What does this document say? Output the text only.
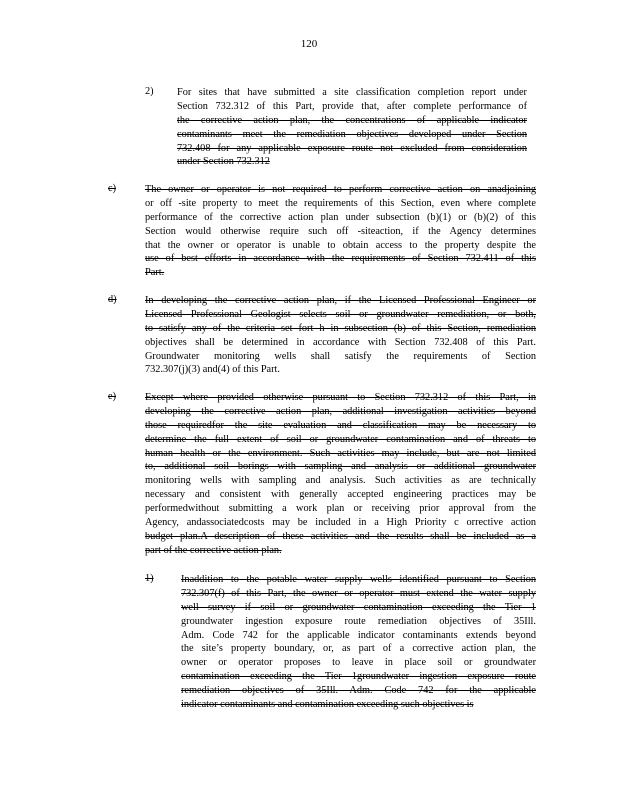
120
2) For sites that have submitted a site classification completion report under
Section 732.312 of this Part, provide that, after complete performance of
the corrective action plan, the concentrations of applicable indicator
contaminants meet the remediation objectives developed under Section
732.408 for any applicable exposure route not excluded from consideration
under Section 732.312
c)	The owner or operator is not required to perform corrective action on anadjoining
or off -site property to meet the requirements of this Section, even where complete
performance of the corrective action plan under subsection (b)(1) or (b)(2) of this
Section would otherwise require such off -siteaction, if the Agency determines
that the owner or operator is unable to obtain access to the property despite the
use of best efforts in accordance with the requirements of Section 732.411 of this
Part.
d)	In developing the corrective action plan, if the Licensed Professional Engineer or
Licensed Professional Geologist selects soil or groundwater remediation, or both,
to satisfy any of the criteria set fort h in subsection (b) of this Section, remediation
objectives shall be determined in accordance with Section 732.408 of this Part.
Groundwater monitoring wells shall satisfy the requirements of Section
732.307(j)(3) and(4) of this Part.
e)	Except where provided otherwise pursuant to Section 732.312 of this Part, in
developing the corrective action plan, additional investigation activities beyond
those requiredfor the site evaluation and classification may be necessary to
determine the full extent of soil or groundwater contamination and of threats to
human health or the environment. Such activities may include, but are not limited
to, additional soil borings with sampling and analysis or additional groundwater
monitoring wells with sampling and analysis. Such activities as are technically
necessary and consistent with generally accepted engineering practices may be
performedwithout submitting a work plan or receiving prior approval from the
Agency, andassociatedcosts may be included in a High Priority c orrective action
budget plan.A description of these activities and the results shall be included as a
part of the corrective action plan.
1)	Inaddition to the potable water supply wells identified pursuant to Section
732.307(f) of this Part, the owner or operator must extend the water supply
well survey if soil or groundwater contamination exceeding the Tier 1
groundwater ingestion exposure route remediation objectives of 35Ill.
Adm. Code 742 for the applicable indicator contaminants extends beyond
the site’s property boundary, or, as part of a corrective action plan, the
owner or operator proposes to leave in place soil or groundwater
contamination exceeding the Tier 1groundwater ingestion exposure route
remediation objectives of 35Ill. Adm. Code 742 for the applicable
indicator contaminants and contamination exceeding such objectives is
